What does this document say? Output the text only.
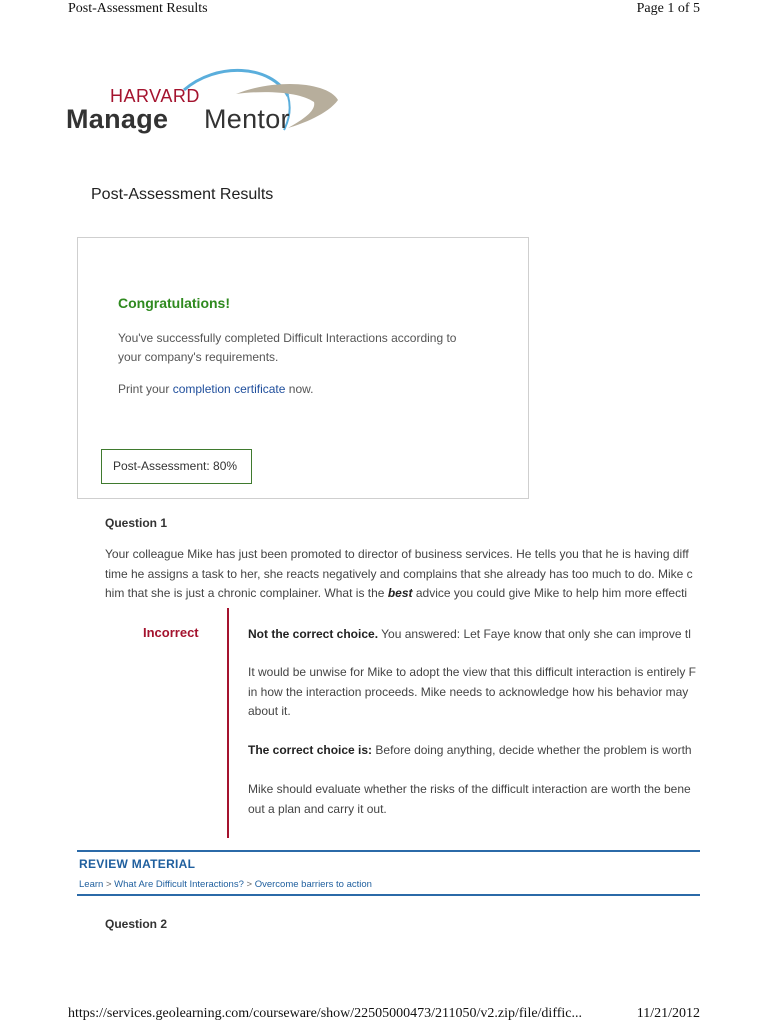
Post-Assessment Results	Page 1 of 5
HARVARD
Manage Mentor
Post-Assessment Results
Congratulations!
You've successfully completed Difficult Interactions according to
your company's requirements.
Print your completion certificate now.
Post-Assessment: 80%
Question 1
Your colleague Mike has just been promoted to director of business services. He tells you that he is having diff
time he assigns a task to her, she reacts negatively and complains that she already has too much to do. Mike c
him that she is just a chronic complainer. What is the best advice you could give Mike to help him more effecti
Incorrect	Not the correct choice. You answered: Let Faye know that only she can improve tl
It would be unwise for Mike to adopt the view that this difficult interaction is entirely F
in how the interaction proceeds. Mike needs to acknowledge how his behavior may
about it.
The correct choice is: Before doing anything, decide whether the problem is worth
Mike should evaluate whether the risks of the difficult interaction are worth the bene
out a plan and carry it out.
REVIEW MATERIAL
Learn > What Are Difficult Interactions? > Overcome barriers to action
Question 2
https://services.geolearning.com/courseware/show/22505000473/211050/v2.zip/file/diffic...	11/21/2012
